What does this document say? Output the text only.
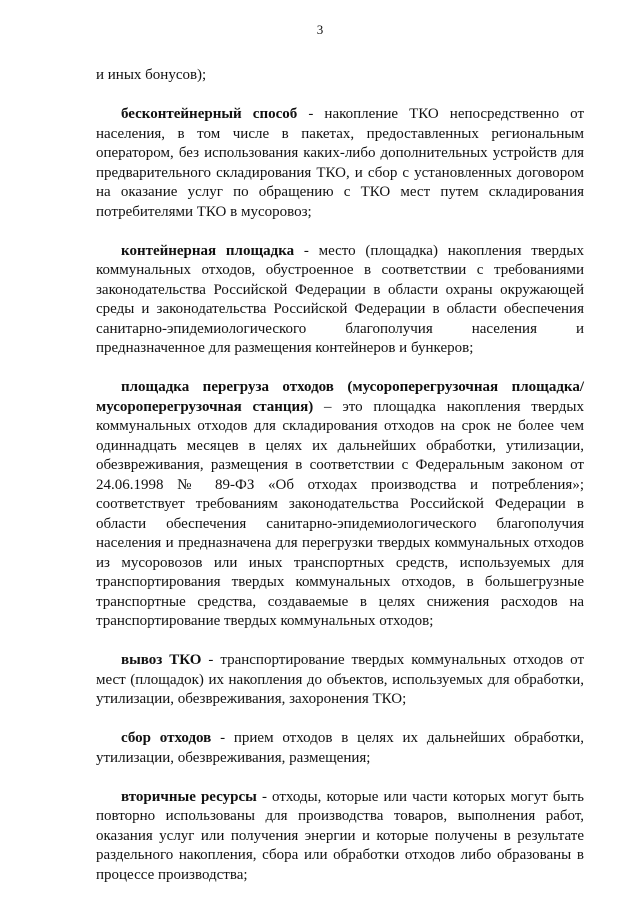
3

и иных бонусов);

бесконтейнерный способ - накопление ТКО непосредственно от населения, в том числе в пакетах, предоставленных региональным оператором, без использования каких-либо дополнительных устройств для предварительного складирования ТКО, и сбор с установленных договором на оказание услуг по обращению с ТКО мест путем складирования потребителями ТКО в мусоровоз;

контейнерная площадка - место (площадка) накопления твердых коммунальных отходов, обустроенное в соответствии с требованиями законодательства Российской Федерации в области охраны окружающей среды и законодательства Российской Федерации в области обеспечения санитарно-эпидемиологического благополучия населения и предназначенное для размещения контейнеров и бункеров;

площадка перегруза отходов (мусороперегрузочная площадка/мусороперегрузочная станция) – это площадка накопления твердых коммунальных отходов для складирования отходов на срок не более чем одиннадцать месяцев в целях их дальнейших обработки, утилизации, обезвреживания, размещения в соответствии с Федеральным законом от 24.06.1998 № 89-ФЗ «Об отходах производства и потребления»; соответствует требованиям законодательства Российской Федерации в области обеспечения санитарно-эпидемиологического благополучия населения и предназначена для перегрузки твердых коммунальных отходов из мусоровозов или иных транспортных средств, используемых для транспортирования твердых коммунальных отходов, в большегрузные транспортные средства, создаваемые в целях снижения расходов на транспортирование твердых коммунальных отходов;

вывоз ТКО - транспортирование твердых коммунальных отходов от мест (площадок) их накопления до объектов, используемых для обработки, утилизации, обезвреживания, захоронения ТКО;

сбор отходов - прием отходов в целях их дальнейших обработки, утилизации, обезвреживания, размещения;

вторичные ресурсы - отходы, которые или части которых могут быть повторно использованы для производства товаров, выполнения работ, оказания услуг или получения энергии и которые получены в результате раздельного накопления, сбора или обработки отходов либо образованы в процессе производства;
